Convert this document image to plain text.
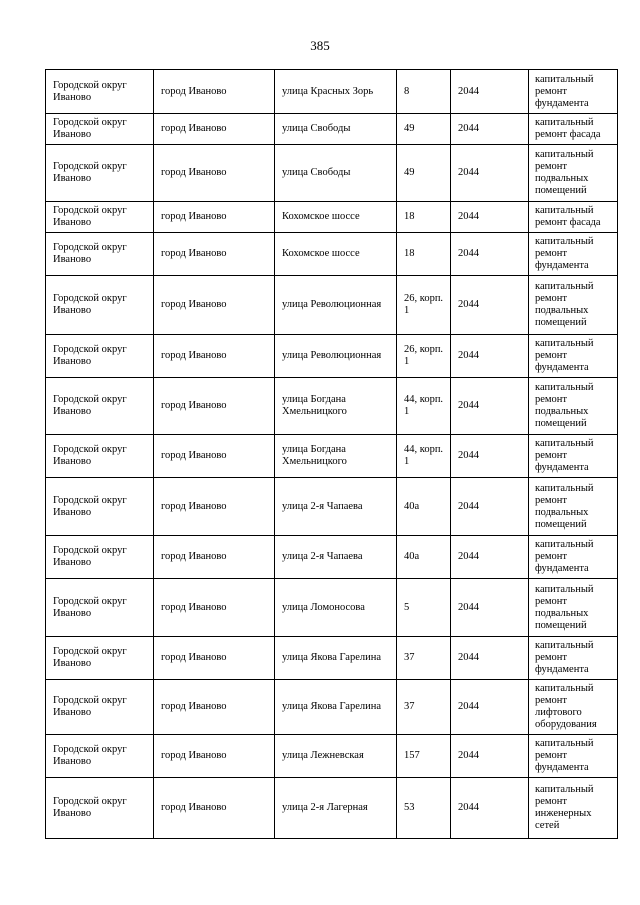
385
Городской округ Иваново	город Иваново	улица Красных Зорь	8	2044	капитальный ремонт фундамента
Городской округ Иваново	город Иваново	улица Свободы	49	2044	капитальный ремонт фасада
Городской округ Иваново	город Иваново	улица Свободы	49	2044	капитальный ремонт подвальных помещений
Городской округ Иваново	город Иваново	Кохомское шоссе	18	2044	капитальный ремонт фасада
Городской округ Иваново	город Иваново	Кохомское шоссе	18	2044	капитальный ремонт фундамента
Городской округ Иваново	город Иваново	улица Революционная	26, корп. 1	2044	капитальный ремонт подвальных помещений
Городской округ Иваново	город Иваново	улица Революционная	26, корп. 1	2044	капитальный ремонт фундамента
Городской округ Иваново	город Иваново	улица Богдана Хмельницкого	44, корп. 1	2044	капитальный ремонт подвальных помещений
Городской округ Иваново	город Иваново	улица Богдана Хмельницкого	44, корп. 1	2044	капитальный ремонт фундамента
Городской округ Иваново	город Иваново	улица 2-я Чапаева	40а	2044	капитальный ремонт подвальных помещений
Городской округ Иваново	город Иваново	улица 2-я Чапаева	40а	2044	капитальный ремонт фундамента
Городской округ Иваново	город Иваново	улица Ломоносова	5	2044	капитальный ремонт подвальных помещений
Городской округ Иваново	город Иваново	улица Якова Гарелина	37	2044	капитальный ремонт фундамента
Городской округ Иваново	город Иваново	улица Якова Гарелина	37	2044	капитальный ремонт лифтового оборудования
Городской округ Иваново	город Иваново	улица Лежневская	157	2044	капитальный ремонт фундамента
Городской округ Иваново	город Иваново	улица 2-я Лагерная	53	2044	капитальный ремонт инженерных сетей
